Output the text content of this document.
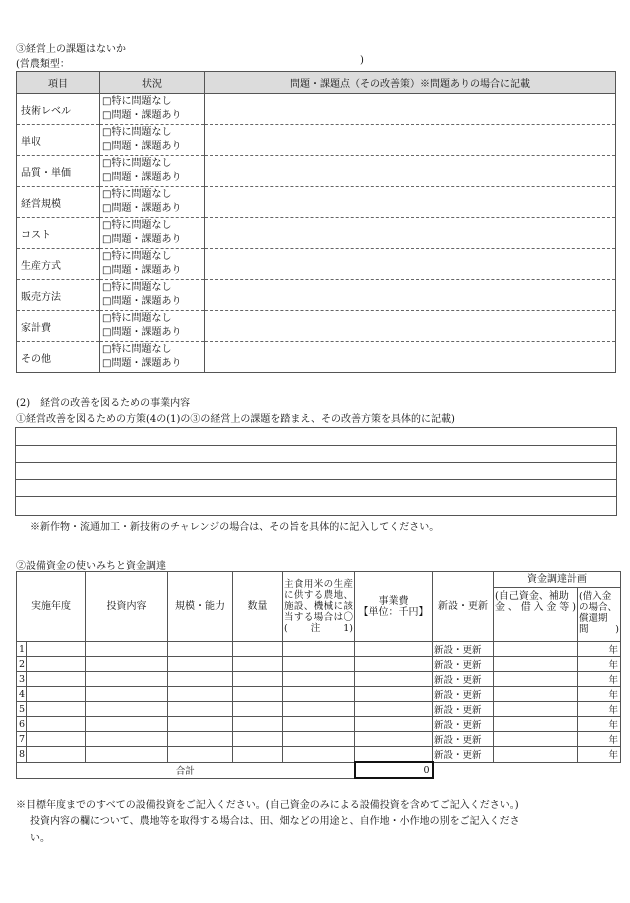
③経営上の課題はないか
(営農類型：	)
項目	状況	問題・課題点（その改善策）※問題ありの場合に記載
技術レベル	□特に問題なし
□問題・課題あり	

単収	□特に問題なし
□問題・課題あり	

品質・単価	□特に問題なし
□問題・課題あり	

経営規模	□特に問題なし
□問題・課題あり	

コスト	□特に問題なし
□問題・課題あり	

生産方式	□特に問題なし
□問題・課題あり	

販売方法	□特に問題なし
□問題・課題あり	

家計費	□特に問題なし
□問題・課題あり	

その他	□特に問題なし
□問題・課題あり	

(2)　経営の改善を図るための事業内容
①経営改善を図るための方策(4の(1)の③の経営上の課題を踏まえ、その改善方策を具体的に記載)
※新作物・流通加工・新技術のチャレンジの場合は、その旨を具体的に記入してください。
②設備資金の使いみちと資金調達
実施年度		投資内容	規模・能力	数量	主食用米の生産に供する農地、施設、機械に該当する場合は〇(注1)	事業費
【単位：千円】	新設・更新	資金調達計画	
								(自己資金、補助金、借入金等)	(借入金の場合、償還期間)
1							新設・更新		年
2							新設・更新		年
3							新設・更新		年
4							新設・更新		年
5							新設・更新		年
6							新設・更新		年
7							新設・更新		年
8							新設・更新		年
合計						0			
※目標年度までのすべての設備投資をご記入ください。(自己資金のみによる設備投資を含めてご記入ください。)
投資内容の欄について、農地等を取得する場合は、田、畑などの用途と、自作地・小作地の別をご記入くださ
い。
